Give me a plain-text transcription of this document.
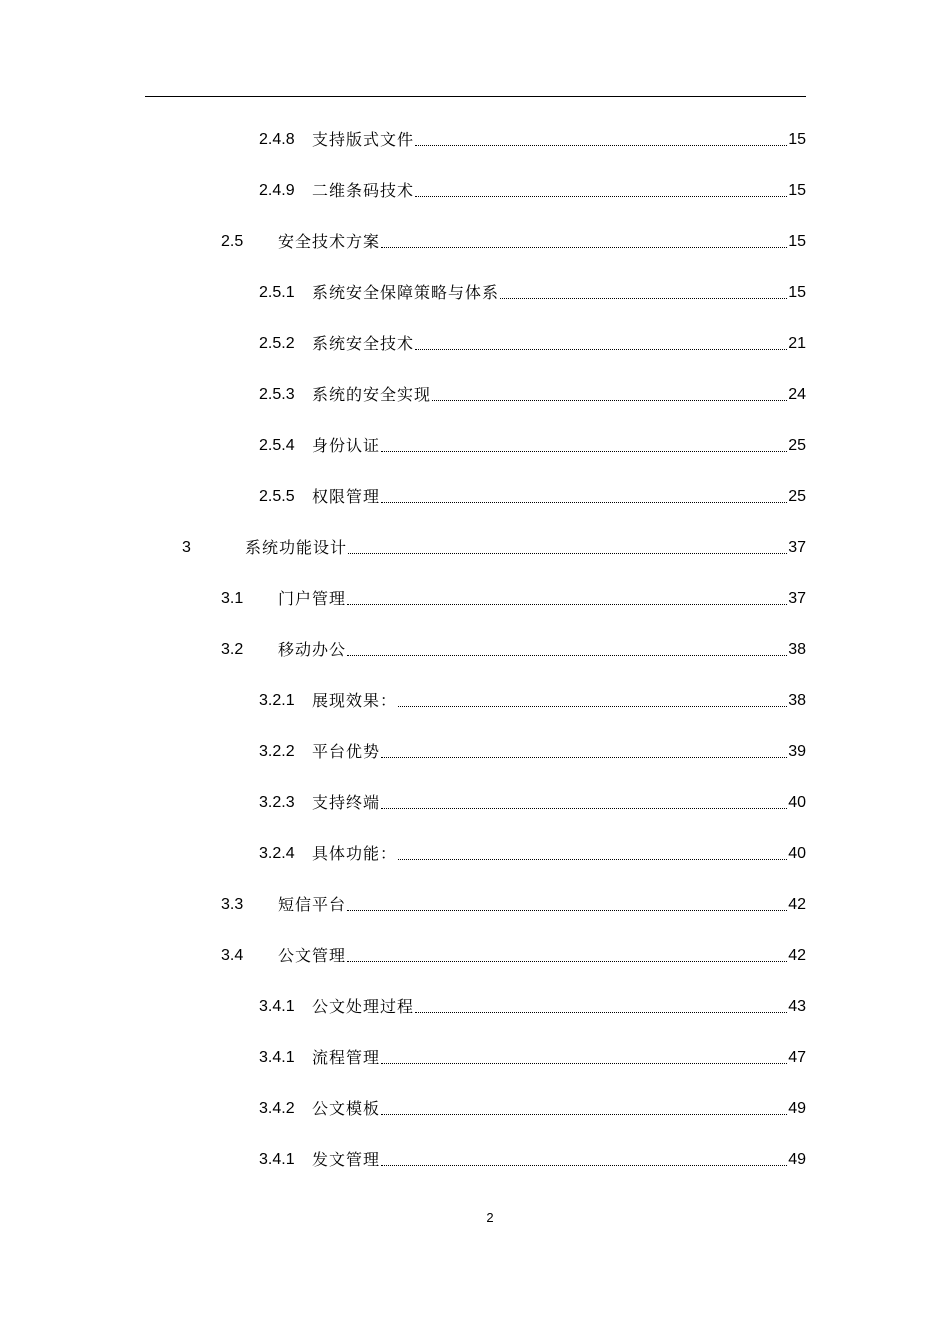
2.4.8	支持版式文件	15
2.4.9	二维条码技术	15
2.5	安全技术方案	15
2.5.1	系统安全保障策略与体系	15
2.5.2	系统安全技术	21
2.5.3	系统的安全实现	24
2.5.4	身份认证	25
2.5.5	权限管理	25
3	系统功能设计	37
3.1	门户管理	37
3.2	移动办公	38
3.2.1	展现效果：	38
3.2.2	平台优势	39
3.2.3	支持终端	40
3.2.4	具体功能：	40
3.3	短信平台	42
3.4	公文管理	42
3.4.1	公文处理过程	43
3.4.1	流程管理	47
3.4.2	公文模板	49
3.4.1	发文管理	49
2
